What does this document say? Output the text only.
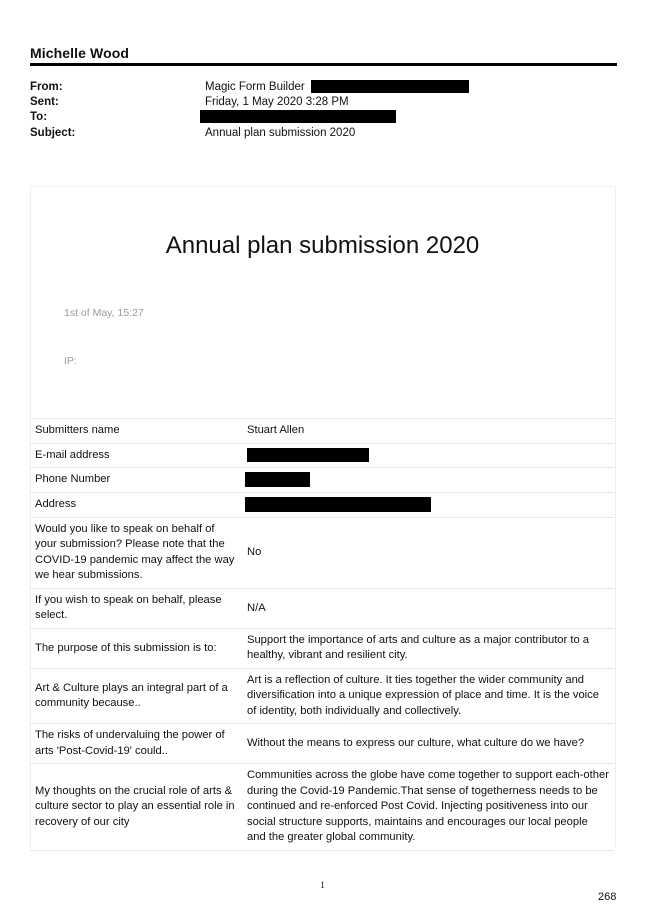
Michelle Wood
From:	Magic Form Builder
Sent:	Friday, 1 May 2020 3:28 PM
To:
Subject:	Annual plan submission 2020
Annual plan submission 2020
1st of May, 15:27
IP:
Submitters name	Stuart Allen
E-mail address	
Phone Number	
Address	
Would you like to speak on behalf of your submission? Please note that the COVID-19 pandemic may affect the way we hear submissions.	No
If you wish to speak on behalf, please select.	N/A
The purpose of this submission is to:	Support the importance of arts and culture as a major contributor to a healthy, vibrant and resilient city.
Art & Culture plays an integral part of a community because..	Art is a reflection of culture. It ties together the wider community and diversification into a unique expression of place and time. It is the voice of identity, both individually and collectively.
The risks of undervaluing the power of arts 'Post-Covid-19' could..	Without the means to express our culture, what culture do we have?
My thoughts on the crucial role of arts & culture sector to play an essential role in recovery of our city	Communities across the globe have come together to support each-other during the Covid-19 Pandemic.That sense of togetherness needs to be continued and re-enforced Post Covid. Injecting positiveness into our social structure supports, maintains and encourages our local people and the greater global community.
1
268
